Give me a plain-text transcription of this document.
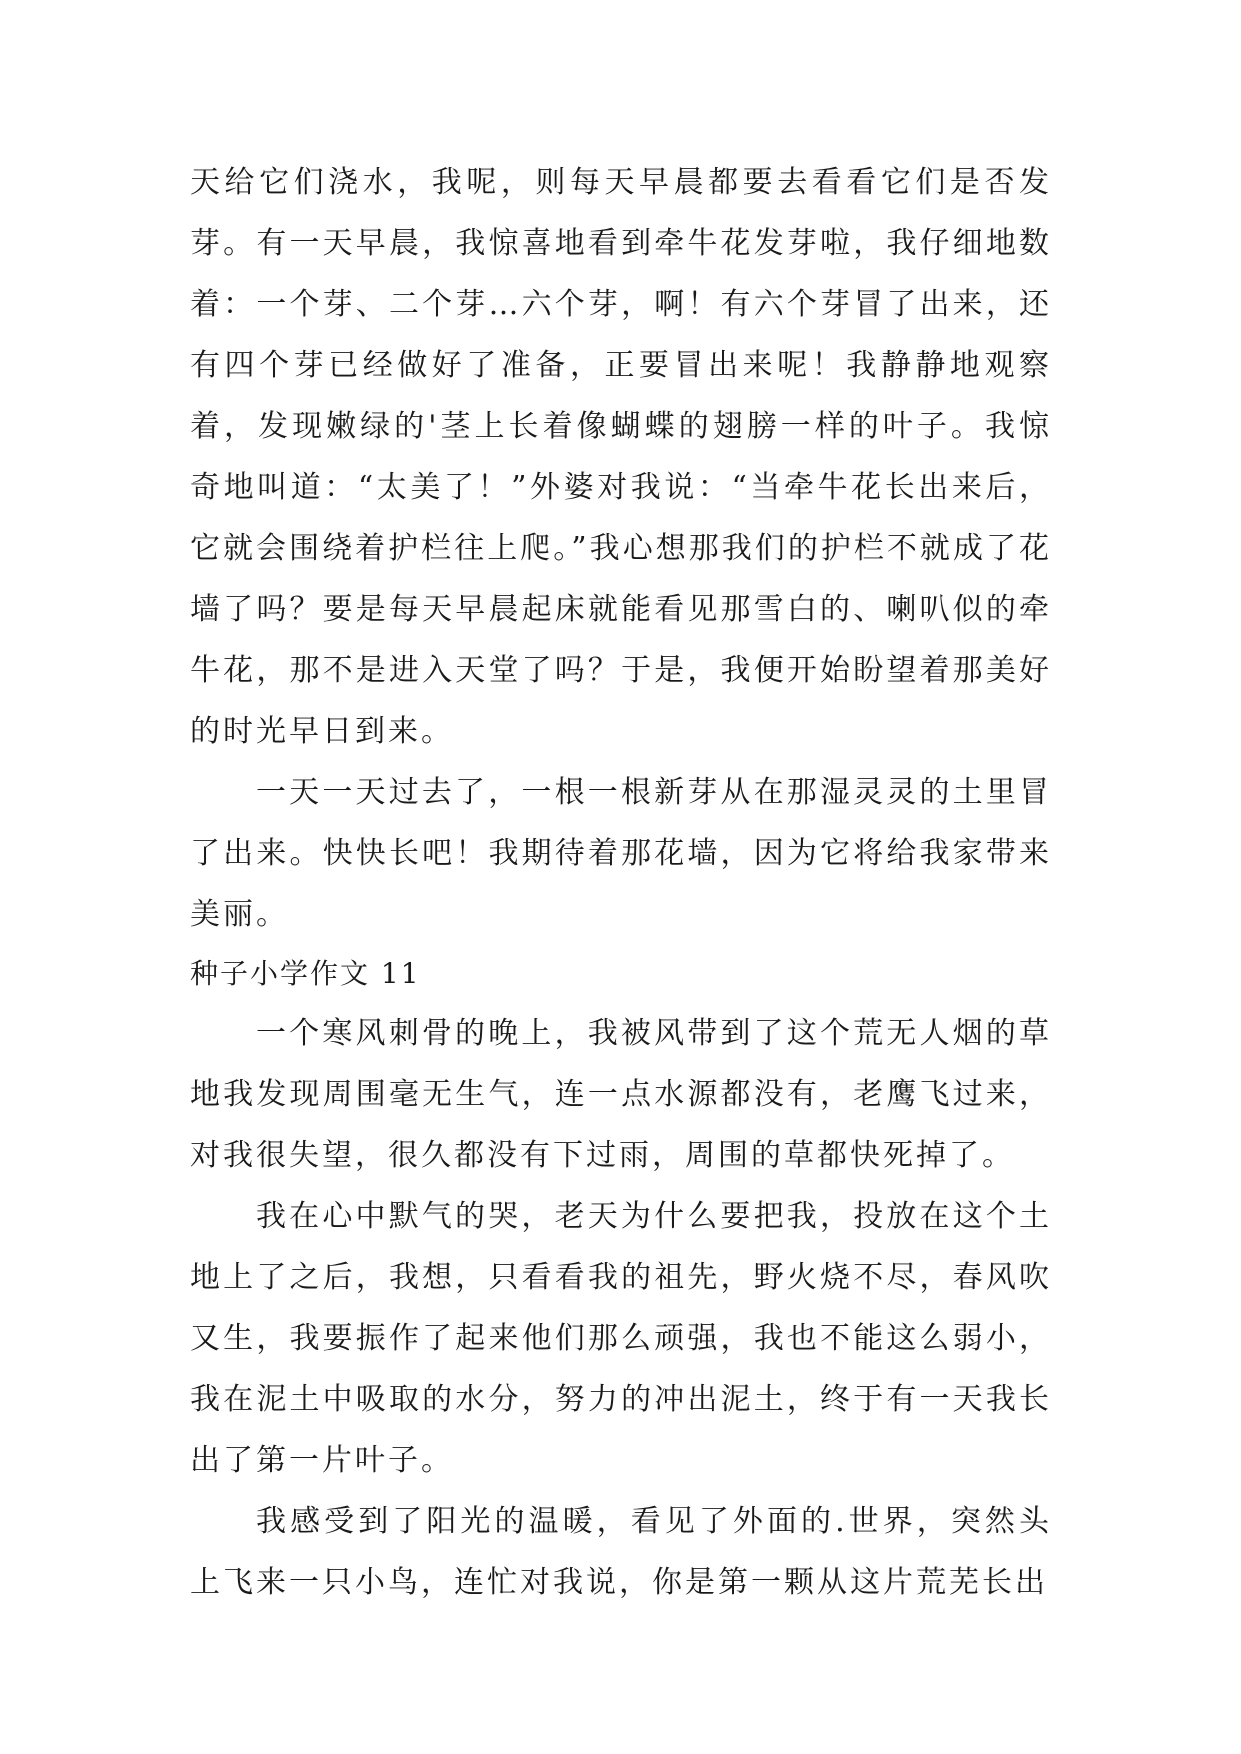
天给它们浇水，我呢，则每天早晨都要去看看它们是否发芽。有一天早晨，我惊喜地看到牵牛花发芽啦，我仔细地数着：一个芽、二个芽…六个芽，啊！有六个芽冒了出来，还有四个芽已经做好了准备，正要冒出来呢！我静静地观察着，发现嫩绿的'茎上长着像蝴蝶的翅膀一样的叶子。我惊奇地叫道：“太美了！”外婆对我说：“当牵牛花长出来后，它就会围绕着护栏往上爬。”我心想那我们的护栏不就成了花墙了吗？要是每天早晨起床就能看见那雪白的、喇叭似的牵牛花，那不是进入天堂了吗？于是，我便开始盼望着那美好的时光早日到来。

一天一天过去了，一根一根新芽从在那湿灵灵的土里冒了出来。快快长吧！我期待着那花墙，因为它将给我家带来美丽。

种子小学作文 11

一个寒风刺骨的晚上，我被风带到了这个荒无人烟的草地我发现周围毫无生气，连一点水源都没有，老鹰飞过来，对我很失望，很久都没有下过雨，周围的草都快死掉了。

我在心中默气的哭，老天为什么要把我，投放在这个土地上了之后，我想，只看看我的祖先，野火烧不尽，春风吹又生，我要振作了起来他们那么顽强，我也不能这么弱小，我在泥土中吸取的水分，努力的冲出泥土，终于有一天我长出了第一片叶子。

我感受到了阳光的温暖，看见了外面的.世界，突然头上飞来一只小鸟，连忙对我说，你是第一颗从这片荒芜长出
